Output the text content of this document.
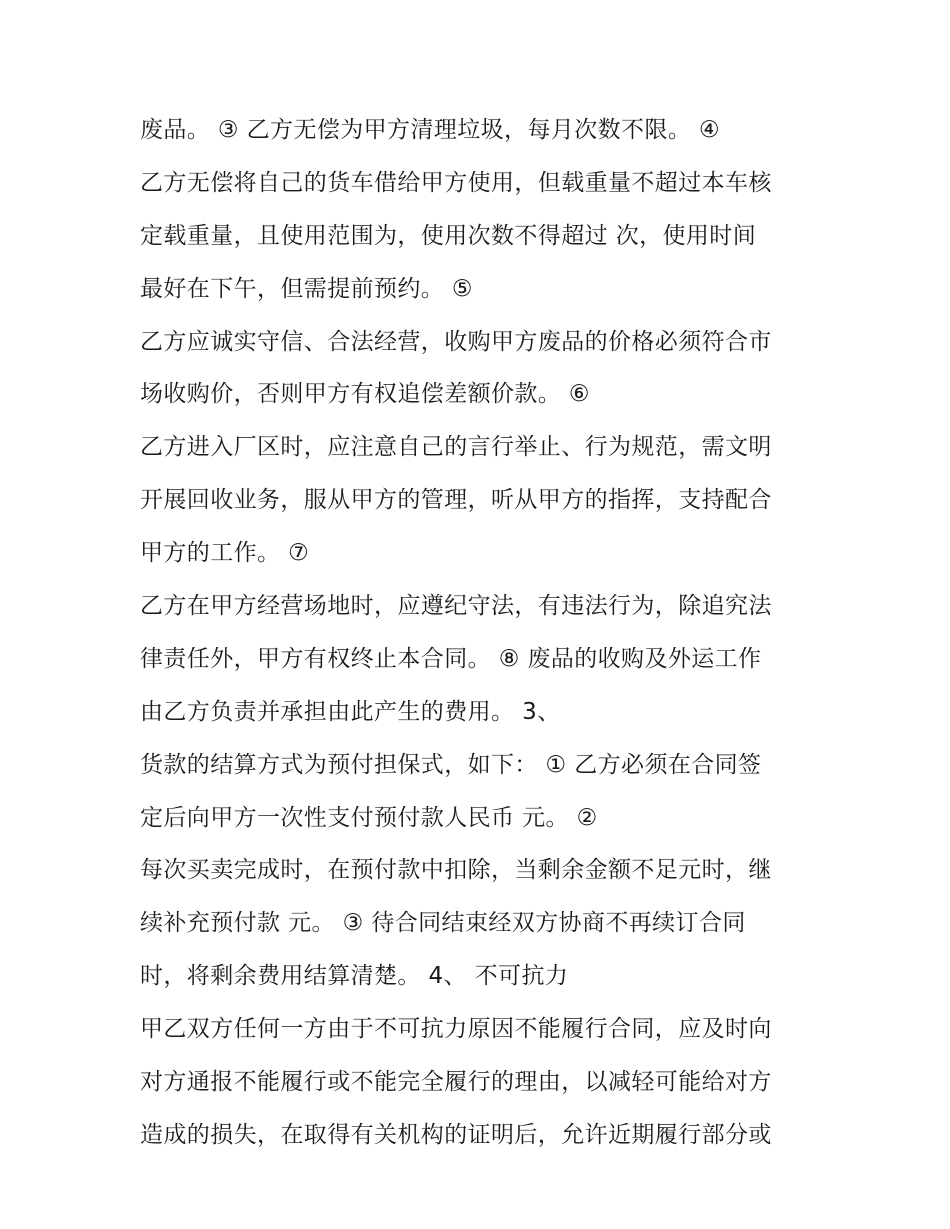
废品。 ③ 乙方无偿为甲方清理垃圾，每月次数不限。 ④
乙方无偿将自己的货车借给甲方使用，但载重量不超过本车核
定载重量，且使用范围为，使用次数不得超过 次，使用时间
最好在下午，但需提前预约。 ⑤
乙方应诚实守信、合法经营，收购甲方废品的价格必须符合市
场收购价，否则甲方有权追偿差额价款。 ⑥
乙方进入厂区时，应注意自己的言行举止、行为规范，需文明
开展回收业务，服从甲方的管理，听从甲方的指挥，支持配合
甲方的工作。 ⑦
乙方在甲方经营场地时，应遵纪守法，有违法行为，除追究法
律责任外，甲方有权终止本合同。 ⑧ 废品的收购及外运工作
由乙方负责并承担由此产生的费用。 3、
货款的结算方式为预付担保式，如下： ① 乙方必须在合同签
定后向甲方一次性支付预付款人民币 元。 ②
每次买卖完成时，在预付款中扣除，当剩余金额不足元时，继
续补充预付款 元。 ③ 待合同结束经双方协商不再续订合同
时，将剩余费用结算清楚。 4、 不可抗力
甲乙双方任何一方由于不可抗力原因不能履行合同，应及时向
对方通报不能履行或不能完全履行的理由，以减轻可能给对方
造成的损失，在取得有关机构的证明后，允许近期履行部分或
